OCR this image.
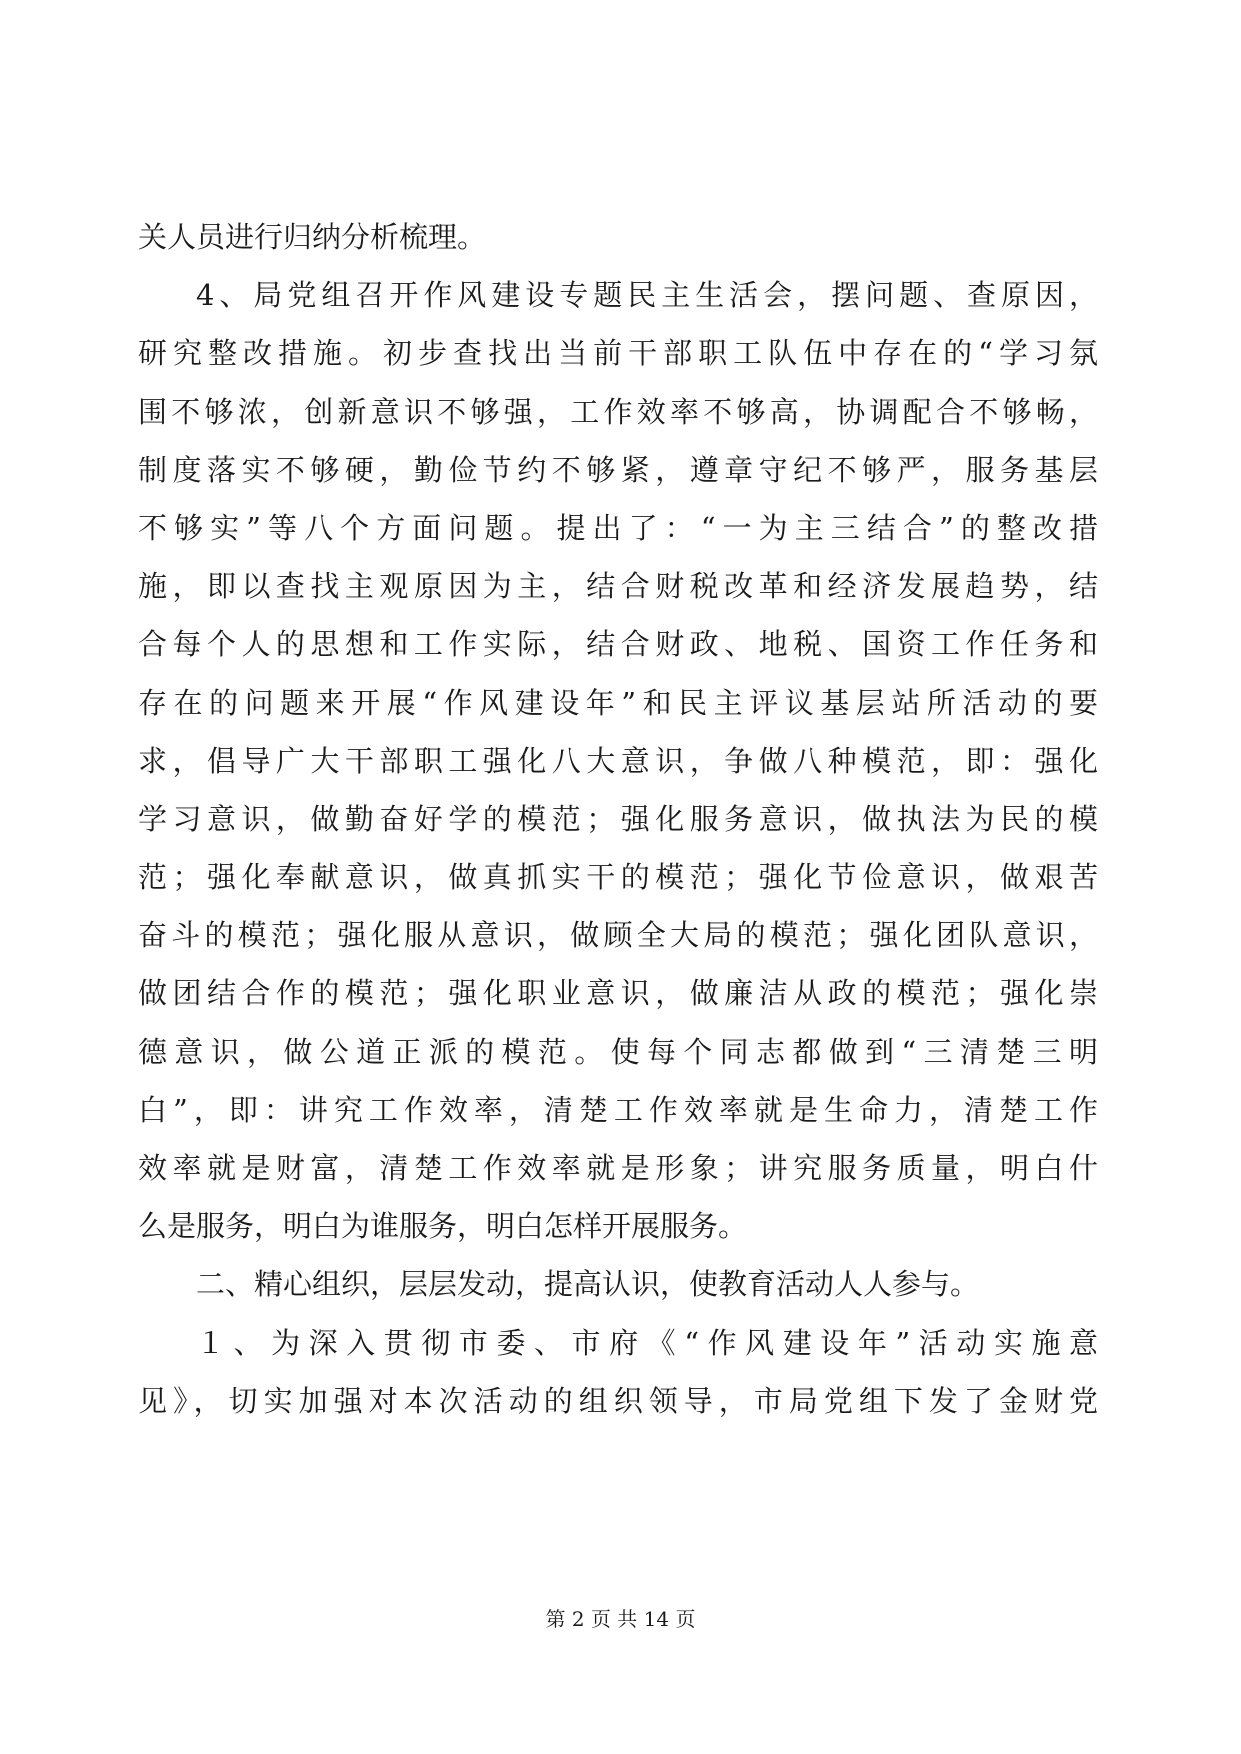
关人员进行归纳分析梳理。
4、局党组召开作风建设专题民主生活会，摆问题、查原因，
研究整改措施。初步查找出当前干部职工队伍中存在的“学习氛
围不够浓，创新意识不够强，工作效率不够高，协调配合不够畅，
制度落实不够硬，勤俭节约不够紧，遵章守纪不够严，服务基层
不够实”等八个方面问题。提出了：“一为主三结合”的整改措
施，即以查找主观原因为主，结合财税改革和经济发展趋势，结
合每个人的思想和工作实际，结合财政、地税、国资工作任务和
存在的问题来开展“作风建设年”和民主评议基层站所活动的要
求，倡导广大干部职工强化八大意识，争做八种模范，即：强化
学习意识，做勤奋好学的模范；强化服务意识，做执法为民的模
范；强化奉献意识，做真抓实干的模范；强化节俭意识，做艰苦
奋斗的模范；强化服从意识，做顾全大局的模范；强化团队意识，
做团结合作的模范；强化职业意识，做廉洁从政的模范；强化崇
德意识，做公道正派的模范。使每个同志都做到“三清楚三明
白”，即：讲究工作效率，清楚工作效率就是生命力，清楚工作
效率就是财富，清楚工作效率就是形象；讲究服务质量，明白什
么是服务，明白为谁服务，明白怎样开展服务。
二、精心组织，层层发动，提高认识，使教育活动人人参与。
１、为深入贯彻市委、市府《“作风建设年”活动实施意
见》，切实加强对本次活动的组织领导，市局党组下发了金财党
第 2 页 共 14 页
